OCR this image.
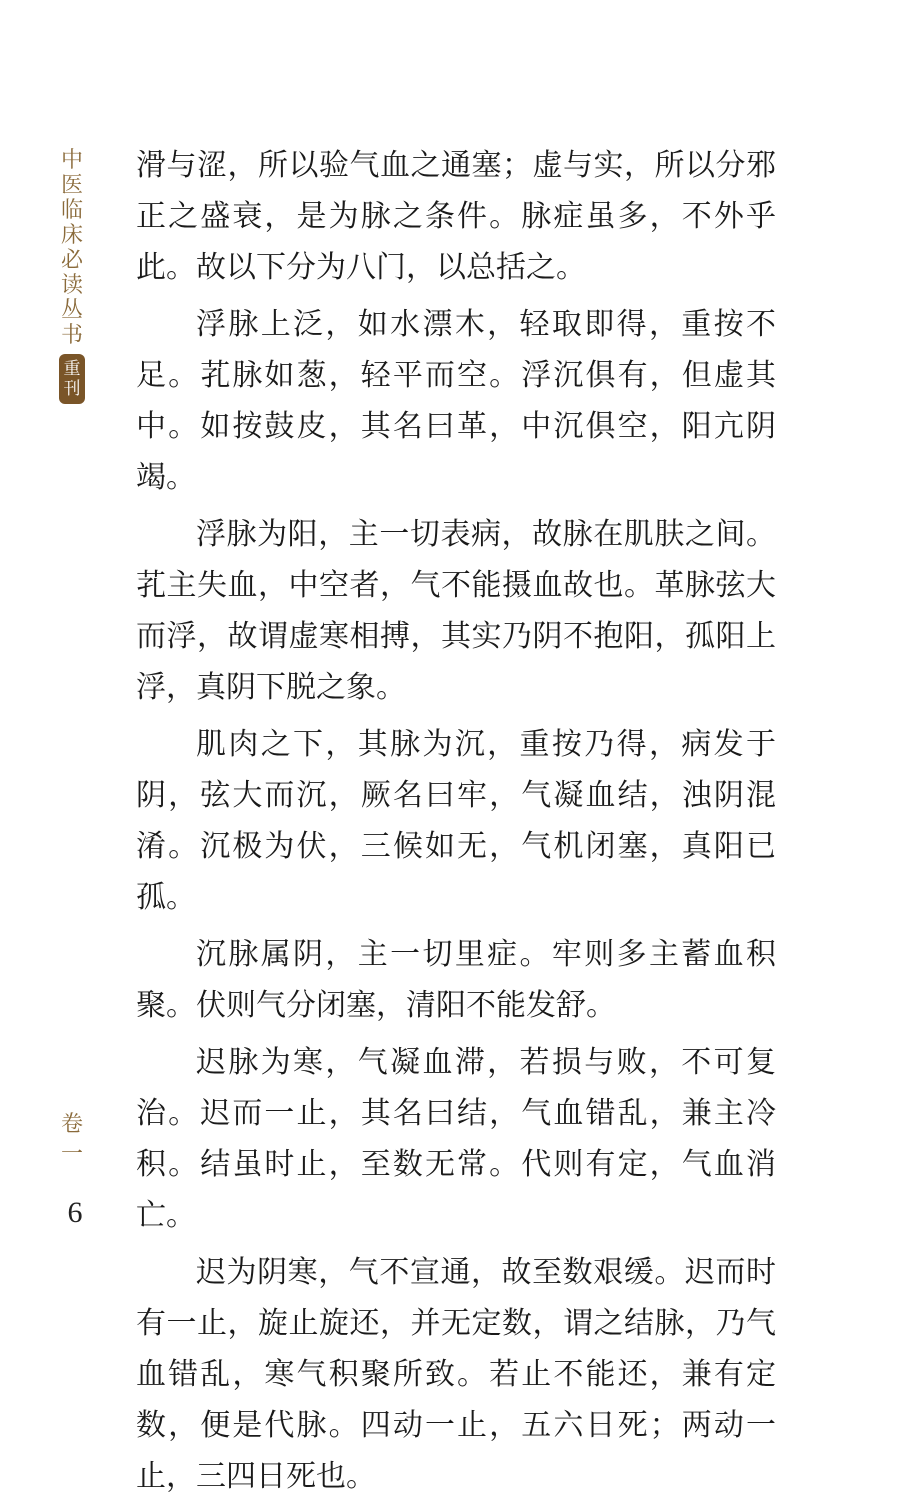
中
医
临
床
必
读
丛
书
重
刊

滑与涩，所以验气血之通塞；虚与实，所以分邪正之盛衰，是为脉之条件。脉症虽多，不外乎此。故以下分为八门，以总括之。

浮脉上泛，如水漂木，轻取即得，重按不足。芤脉如葱，轻平而空。浮沉俱有，但虚其中。如按鼓皮，其名曰革，中沉俱空，阳亢阴竭。

浮脉为阳，主一切表病，故脉在肌肤之间。芤主失血，中空者，气不能摄血故也。革脉弦大而浮，故谓虚寒相搏，其实乃阴不抱阳，孤阳上浮，真阴下脱之象。

肌肉之下，其脉为沉，重按乃得，病发于阴，弦大而沉，厥名曰牢，气凝血结，浊阴混淆。沉极为伏，三候如无，气机闭塞，真阳已孤。

沉脉属阴，主一切里症。牢则多主蓄血积聚。伏则气分闭塞，清阳不能发舒。

迟脉为寒，气凝血滞，若损与败，不可复治。迟而一止，其名曰结，气血错乱，兼主冷积。结虽时止，至数无常。代则有定，气血消亡。

迟为阴寒，气不宣通，故至数艰缓。迟而时有一止，旋止旋还，并无定数，谓之结脉，乃气血错乱，寒气积聚所致。若止不能还，兼有定数，便是代脉。四动一止，五六日死；两动一止，三四日死也。

卷
一
6
